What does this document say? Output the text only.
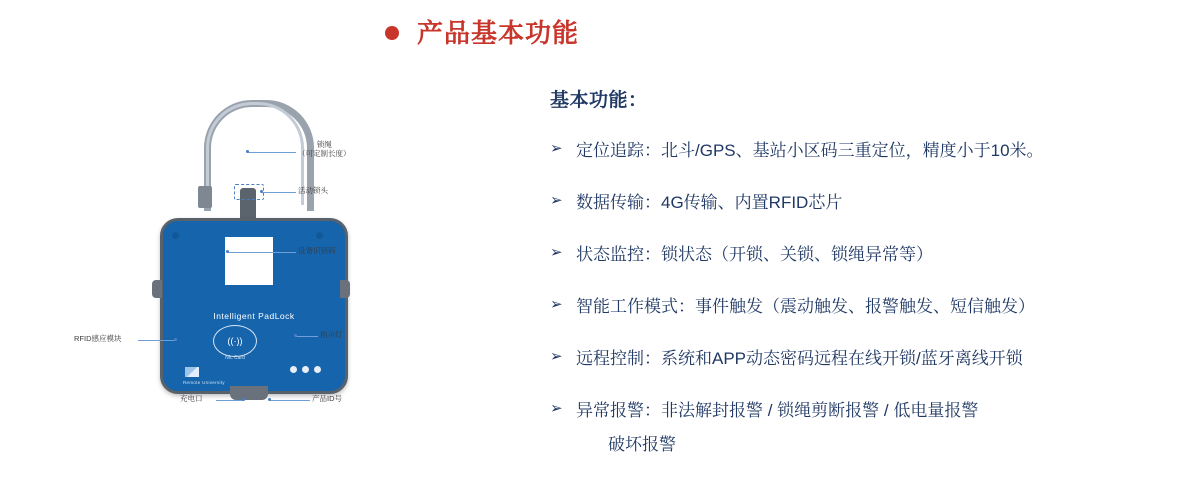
产品基本功能
基本功能：
➢ 定位追踪：北斗/GPS、基站小区码三重定位，精度小于10米。
➢ 数据传输：4G传输、内置RFID芯片
➢ 状态监控：锁状态（开锁、关锁、锁绳异常等）
➢ 智能工作模式：事件触发（震动触发、报警触发、短信触发）
➢ 远程控制：系统和APP动态密码远程在线开锁/蓝牙离线开锁
➢ 异常报警：非法解封报警 / 锁绳剪断报警 / 低电量报警
破坏报警
Intelligent PadLock
((·))
Nfc Card
Remote University
锁绳
（可定制长度）
活动锁头
设备识别码
指示灯
RFID感应模块
充电口	产品ID号
